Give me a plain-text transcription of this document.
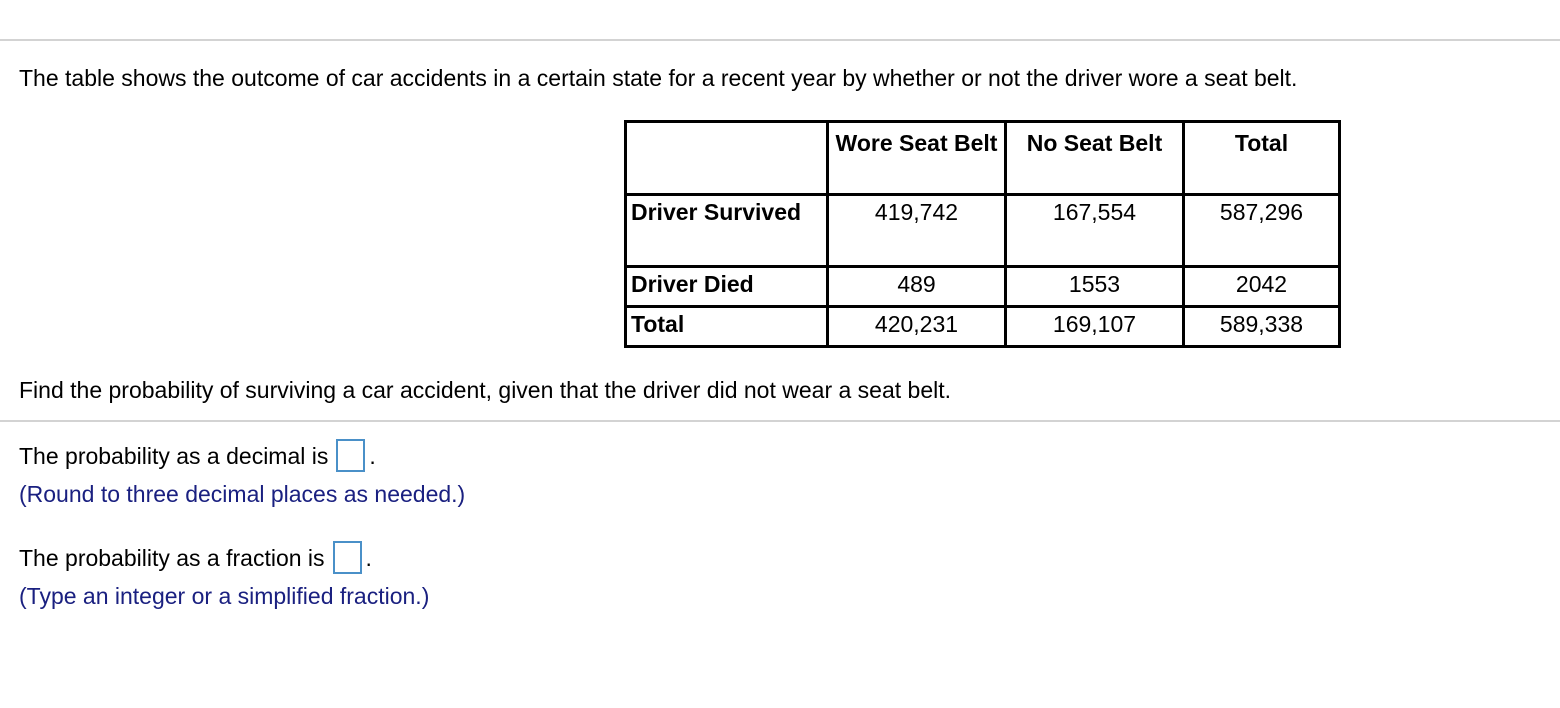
The table shows the outcome of car accidents in a certain state for a recent year by whether or not the driver wore a seat belt.
	Wore Seat Belt	No Seat Belt	Total
Driver Survived	419,742	167,554	587,296
Driver Died	489	1553	2042
Total	420,231	169,107	589,338
Find the probability of surviving a car accident, given that the driver did not wear a seat belt.
The probability as a decimal is .
(Round to three decimal places as needed.)
The probability as a fraction is .
(Type an integer or a simplified fraction.)
